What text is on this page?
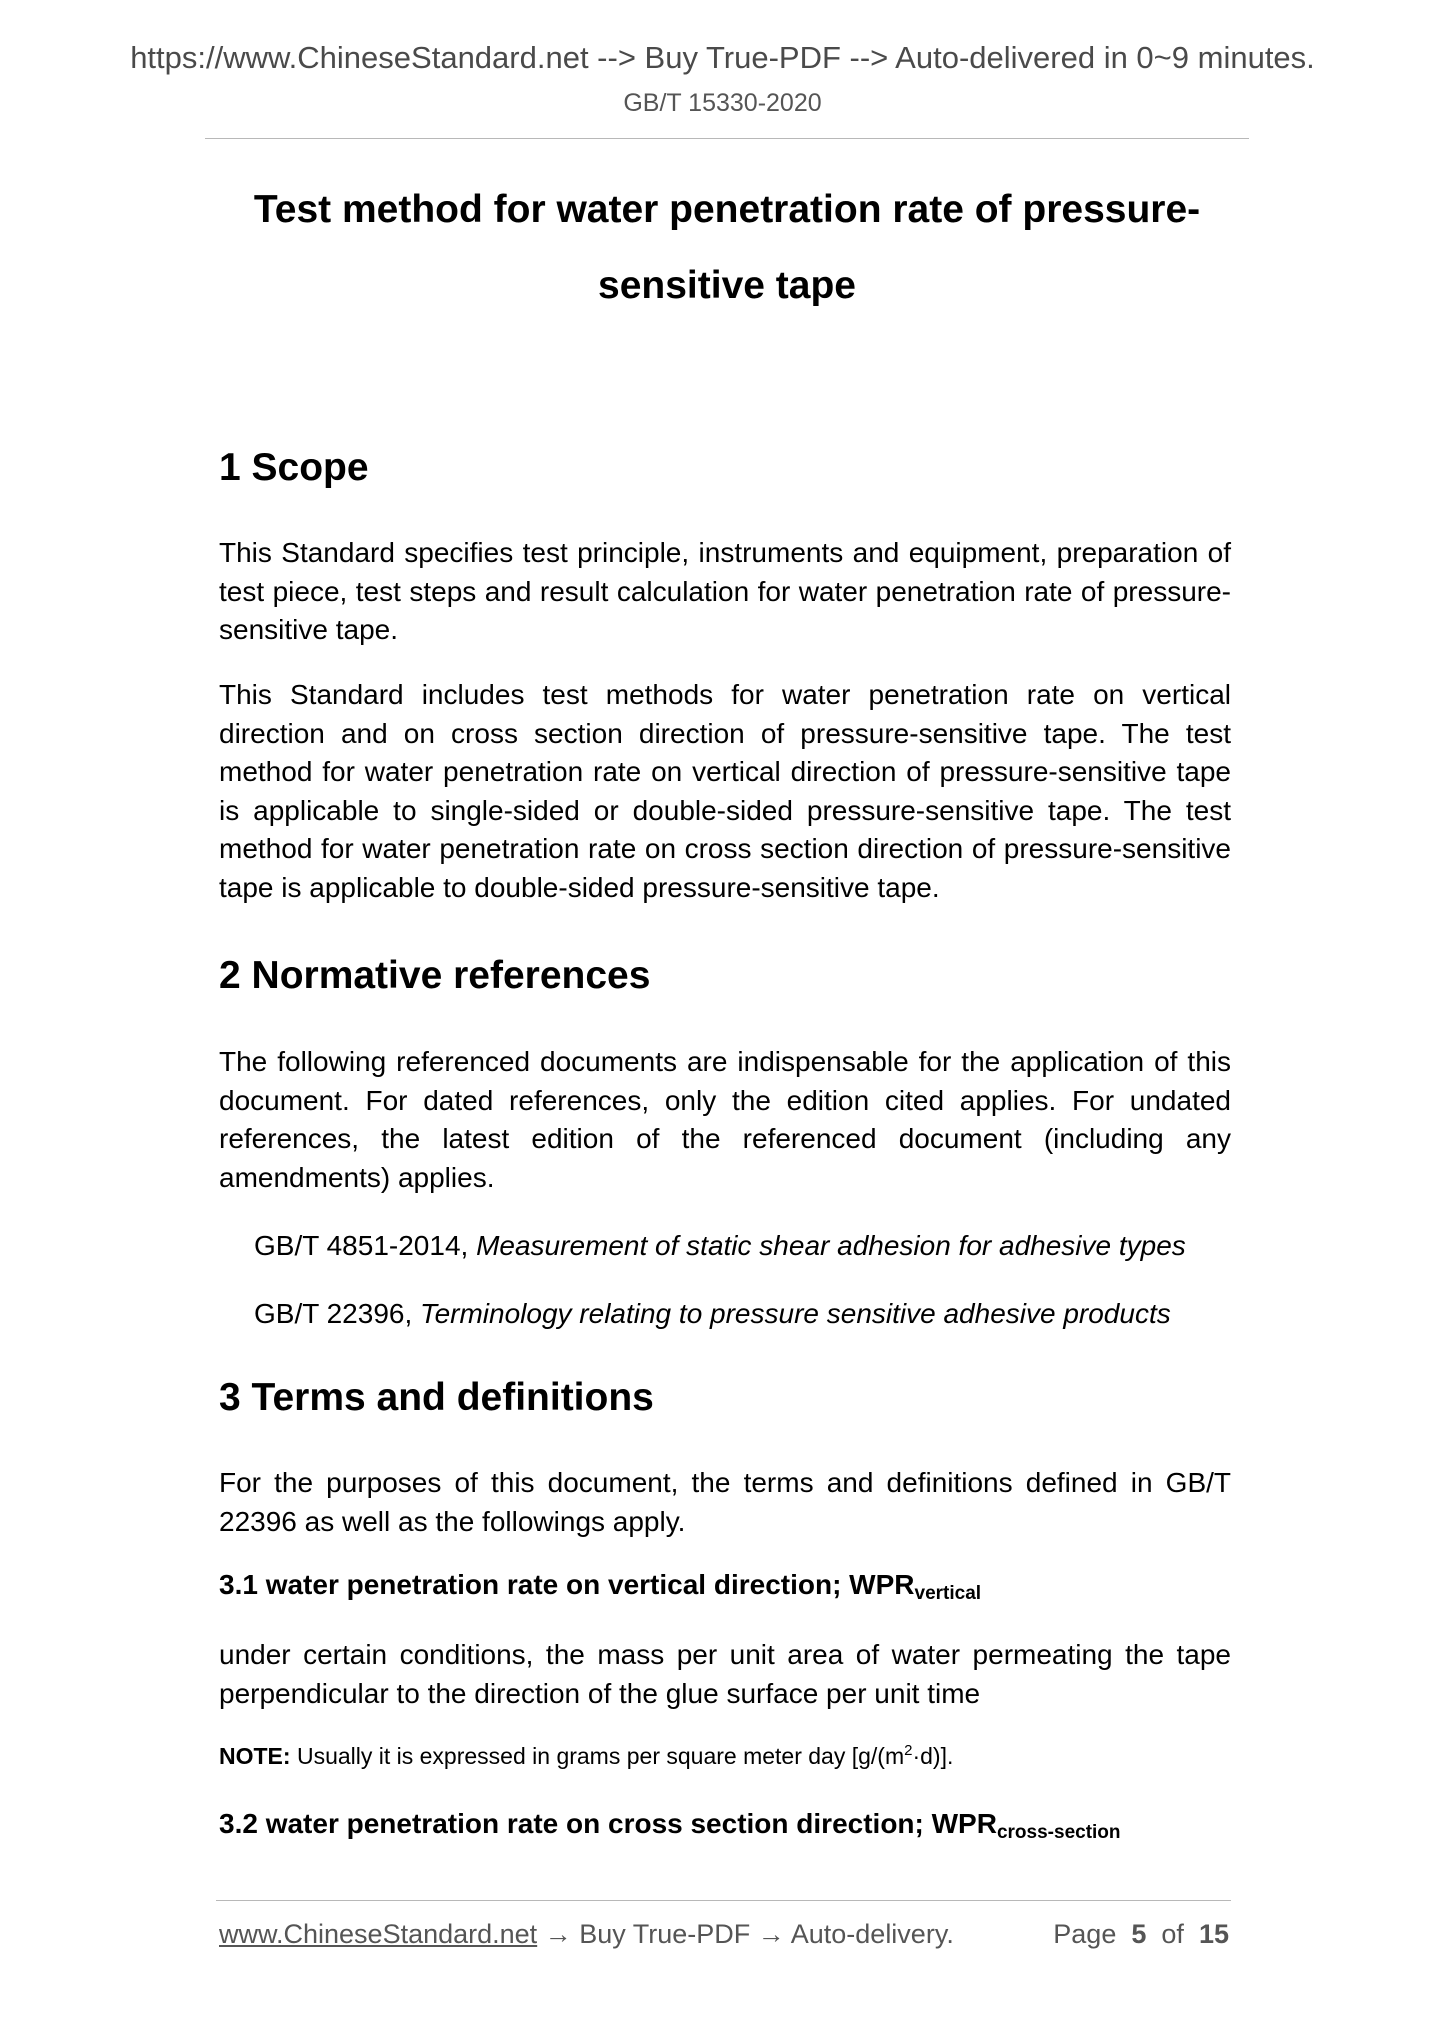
https://www.ChineseStandard.net --> Buy True-PDF --> Auto-delivered in 0~9 minutes.
GB/T 15330-2020
Test method for water penetration rate of pressure-
sensitive tape
1 Scope
This Standard specifies test principle, instruments and equipment, preparation of test piece, test steps and result calculation for water penetration rate of pressure-sensitive tape.
This Standard includes test methods for water penetration rate on vertical direction and on cross section direction of pressure-sensitive tape. The test method for water penetration rate on vertical direction of pressure-sensitive tape is applicable to single-sided or double-sided pressure-sensitive tape. The test method for water penetration rate on cross section direction of pressure-sensitive tape is applicable to double-sided pressure-sensitive tape.
2 Normative references
The following referenced documents are indispensable for the application of this document. For dated references, only the edition cited applies. For undated references, the latest edition of the referenced document (including any amendments) applies.
GB/T 4851-2014, Measurement of static shear adhesion for adhesive types
GB/T 22396, Terminology relating to pressure sensitive adhesive products
3 Terms and definitions
For the purposes of this document, the terms and definitions defined in GB/T 22396 as well as the followings apply.
3.1 water penetration rate on vertical direction; $WPR_{vertical}$
under certain conditions, the mass per unit area of water permeating the tape perpendicular to the direction of the glue surface per unit time
NOTE: Usually it is expressed in grams per square meter day $[g/(m^2\cdot d)]$.
3.2 water penetration rate on cross section direction; $WPR_{cross-section}$
www.ChineseStandard.net → Buy True-PDF → Auto-delivery.	Page 5 of 15
